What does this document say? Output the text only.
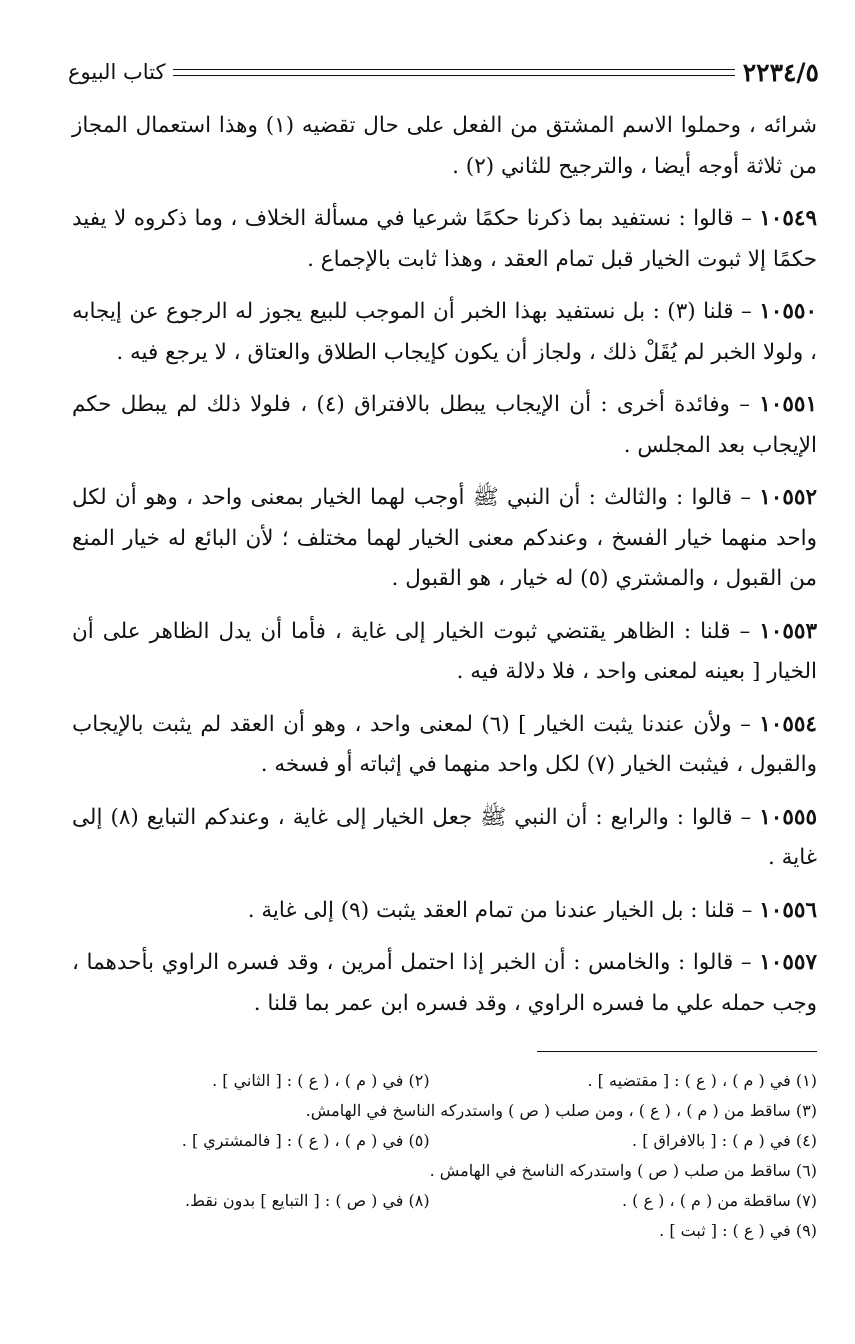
٢٢٣٤/٥
كتاب البيوع

شرائه ، وحملوا الاسم المشتق من الفعل على حال تقضيه (١) وهذا استعمال المجاز من ثلاثة أوجه أيضا ، والترجيح للثاني (٢) .

١٠٥٤٩ – قالوا : نستفيد بما ذكرنا حكمًا شرعيا في مسألة الخلاف ، وما ذكروه لا يفيد حكمًا إلا ثبوت الخيار قبل تمام العقد ، وهذا ثابت بالإجماع .

١٠٥٥٠ – قلنا (٣) : بل نستفيد بهذا الخبر أن الموجب للبيع يجوز له الرجوع عن إيجابه ، ولولا الخبر لم يُقَلْ ذلك ، ولجاز أن يكون كإيجاب الطلاق والعتاق ، لا يرجع فيه .

١٠٥٥١ – وفائدة أخرى : أن الإيجاب يبطل بالافتراق (٤) ، فلولا ذلك لم يبطل حكم الإيجاب بعد المجلس .

١٠٥٥٢ – قالوا : والثالث : أن النبي ﷺ أوجب لهما الخيار بمعنى واحد ، وهو أن لكل واحد منهما خيار الفسخ ، وعندكم معنى الخيار لهما مختلف ؛ لأن البائع له خيار المنع من القبول ، والمشتري (٥) له خيار ، هو القبول .

١٠٥٥٣ – قلنا : الظاهر يقتضي ثبوت الخيار إلى غاية ، فأما أن يدل الظاهر على أن الخيار [ بعينه لمعنى واحد ، فلا دلالة فيه .

١٠٥٥٤ – ولأن عندنا يثبت الخيار ] (٦) لمعنى واحد ، وهو أن العقد لم يثبت بالإيجاب والقبول ، فيثبت الخيار (٧) لكل واحد منهما في إثباته أو فسخه .

١٠٥٥٥ – قالوا : والرابع : أن النبي ﷺ جعل الخيار إلى غاية ، وعندكم التبايع (٨) إلى غاية .

١٠٥٥٦ – قلنا : بل الخيار عندنا من تمام العقد يثبت (٩) إلى غاية .

١٠٥٥٧ – قالوا : والخامس : أن الخبر إذا احتمل أمرين ، وقد فسره الراوي بأحدهما ، وجب حمله علي ما فسره الراوي ، وقد فسره ابن عمر بما قلنا .

(١) في ( م ) ، ( ع ) : [ مقتضيه ] .
(٢) في ( م ) ، ( ع ) : [ الثاني ] .
(٣) ساقط من ( م ) ، ( ع ) ، ومن صلب ( ص ) واستدركه الناسخ في الهامش.
(٤) في ( م ) : [ بالافراق ] .
(٥) في ( م ) ، ( ع ) : [ فالمشتري ] .
(٦) ساقط من صلب ( ص ) واستدركه الناسخ في الهامش .
(٧) ساقطة من ( م ) ، ( ع ) .
(٨) في ( ص ) : [ التبايع ] بدون نقط.
(٩) في ( ع ) : [ ثبت ] .
